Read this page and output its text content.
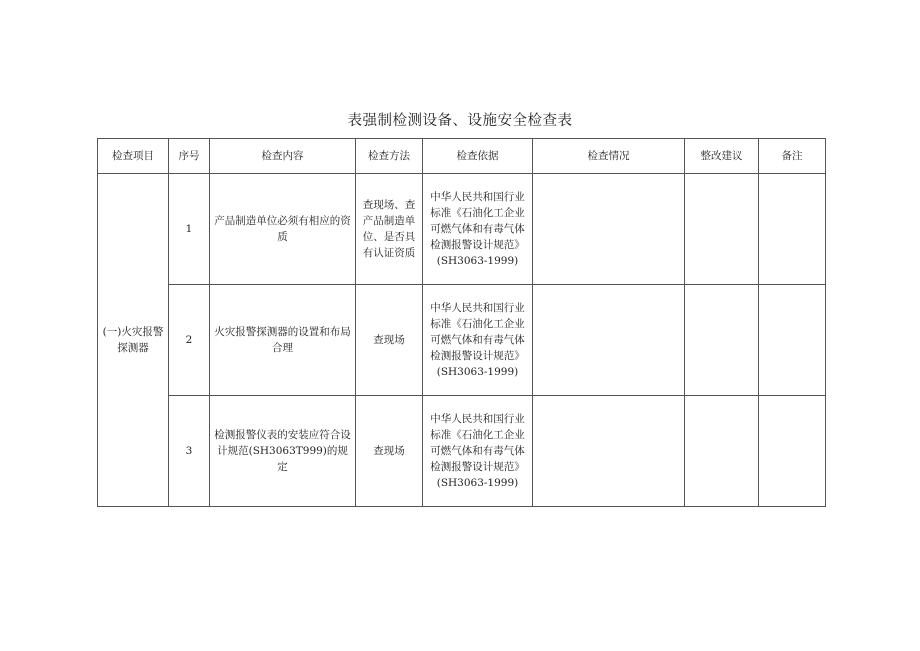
表强制检测设备、设施安全检查表
检查项目	序号	检查内容	检查方法	检查依据	检查情况	整改建议	备注
(一)火灾报警探测器	1	产品制造单位必须有相应的资质	查现场、查产品制造单位、是否具有认证资质	中华人民共和国行业
标准《石油化工企业
可燃气体和有毒气体
检测报警设计规范》
(SH3063-1999)			

	2	火灾报警探测器的设置和布局合理	查现场	中华人民共和国行业
标准《石油化工企业
可燃气体和有毒气体
检测报警设计规范》
(SH3063-1999)			

	3	检测报警仪表的安装应符合设计规范(SH3063T999)的规定	查现场	中华人民共和国行业
标准《石油化工企业
可燃气体和有毒气体
检测报警设计规范》
(SH3063-1999)			
